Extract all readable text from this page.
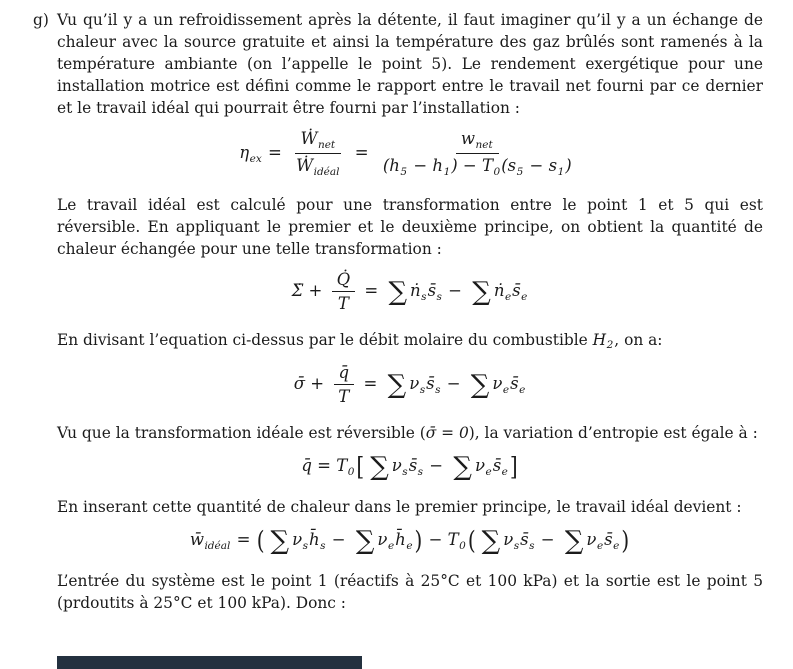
g) Vu qu’il y a un refroidissement après la détente, il faut imaginer qu’il y a un échange de chaleur avec la source gratuite et ainsi la température des gaz brûlés sont ramenés à la température ambiante (on l’appelle le point 5). Le rendement exergétique pour une installation motrice est défini comme le rapport entre le travail net fourni par ce dernier et le travail idéal qui pourrait être fourni par l’installation :

$\eta_{ex}$ =
Ẇ$_{net}$
Ẇ$_{idéal}$
=
$w_{net}$
$(h_5 - h_1) - T_0(s_5 - s_1)$

Le travail idéal est calculé pour une transformation entre le point 1 et 5 qui est réversible. En appliquant le premier et le deuxième principe, on obtient la quantité de chaleur échangée pour une telle transformation :

Σ̇ + $\frac{Q̇}{T}$ = ∑ $ṅ_ss̄_s$ − ∑ $ṅ_es̄_e$

En divisant l’equation ci-dessus par le débit molaire du combustible H2, on a:

σ̄ + $\frac{q̄}{T}$ = ∑ $\nu_ss̄_s$ − ∑ $\nu_es̄_e$

Vu que la transformation idéale est réversible (σ̄ = 0), la variation d’entropie est égale à :

q̄ = $T_0$ [ ∑ $\nu_ss̄_s$ − ∑ $\nu_es̄_e$ ]

En inserant cette quantité de chaleur dans le premier principe, le travail idéal devient :

$w̄_{idéal}$ = ( ∑ $\nu_sh̄_s$ − ∑ $\nu_eh̄_e$ ) − $T_0$ ( ∑ $\nu_ss̄_s$ − ∑ $\nu_es̄_e$ )

L’entrée du système est le point 1 (réactifs à 25°C et 100 kPa) et la sortie est le point 5 (prdoutits à 25°C et 100 kPa). Donc :
